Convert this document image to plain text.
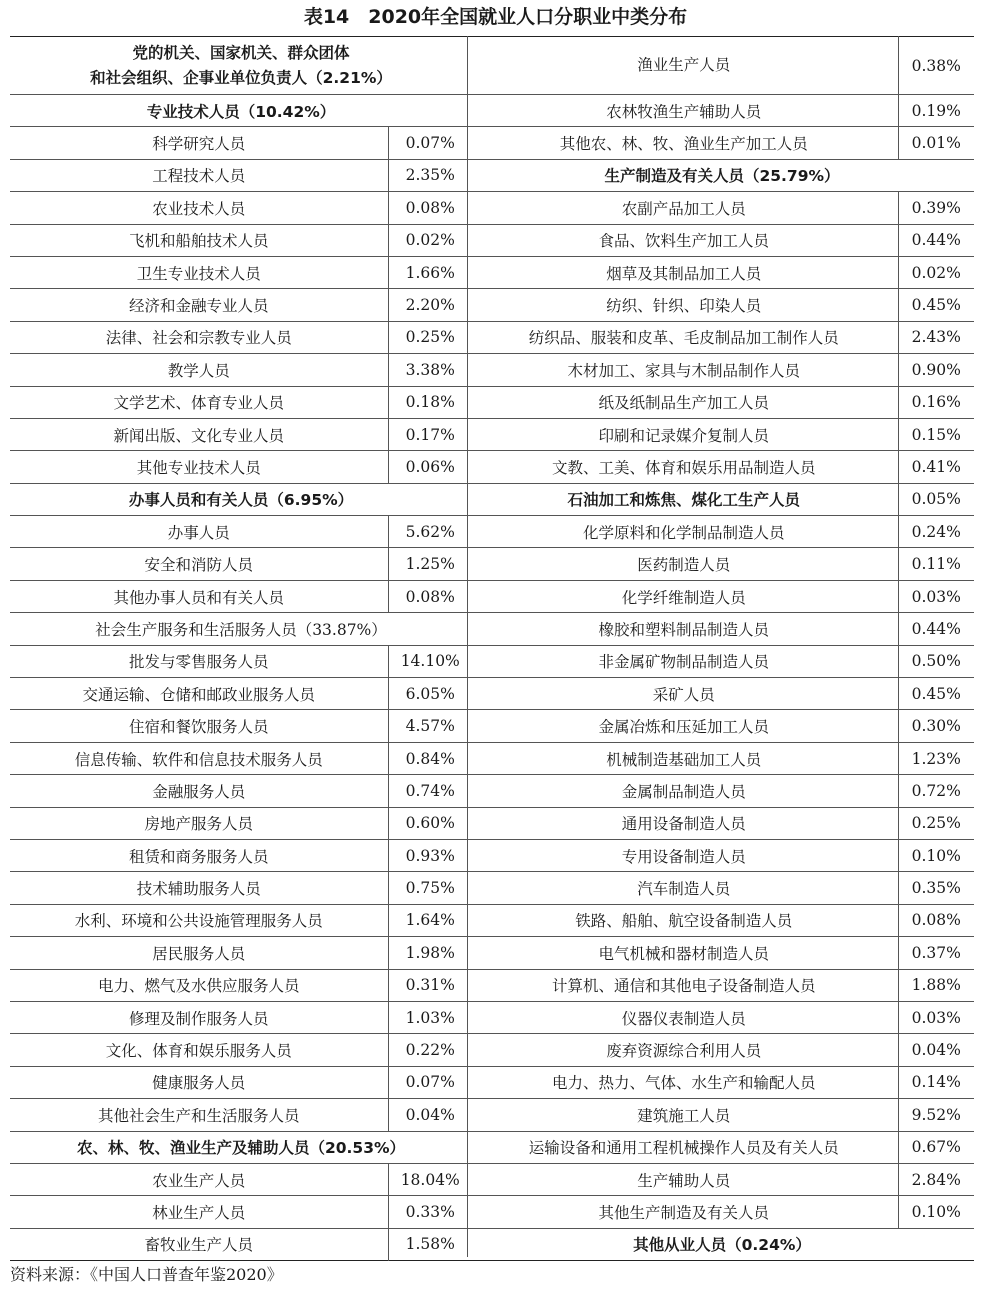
表14　2020年全国就业人口分职业中类分布
党的机关、国家机关、群众团体
和社会组织、企事业单位负责人（2.21%）	
专业技术人员（10.42%）	
科学研究人员	0.07%
工程技术人员	2.35%
农业技术人员	0.08%
飞机和船舶技术人员	0.02%
卫生专业技术人员	1.66%
经济和金融专业人员	2.20%
法律、社会和宗教专业人员	0.25%
教学人员	3.38%
文学艺术、体育专业人员	0.18%
新闻出版、文化专业人员	0.17%
其他专业技术人员	0.06%
办事人员和有关人员（6.95%）	
办事人员	5.62%
安全和消防人员	1.25%
其他办事人员和有关人员	0.08%
社会生产服务和生活服务人员（33.87%）	
批发与零售服务人员	14.10%
交通运输、仓储和邮政业服务人员	6.05%
住宿和餐饮服务人员	4.57%
信息传输、软件和信息技术服务人员	0.84%
金融服务人员	0.74%
房地产服务人员	0.60%
租赁和商务服务人员	0.93%
技术辅助服务人员	0.75%
水利、环境和公共设施管理服务人员	1.64%
居民服务人员	1.98%
电力、燃气及水供应服务人员	0.31%
修理及制作服务人员	1.03%
文化、体育和娱乐服务人员	0.22%
健康服务人员	0.07%
其他社会生产和生活服务人员	0.04%
农、林、牧、渔业生产及辅助人员（20.53%）	
农业生产人员	18.04%
林业生产人员	0.33%
畜牧业生产人员	1.58%
渔业生产人员	0.38%
农林牧渔生产辅助人员	0.19%
其他农、林、牧、渔业生产加工人员	0.01%
生产制造及有关人员（25.79%）	
农副产品加工人员	0.39%
食品、饮料生产加工人员	0.44%
烟草及其制品加工人员	0.02%
纺织、针织、印染人员	0.45%
纺织品、服装和皮革、毛皮制品加工制作人员	2.43%
木材加工、家具与木制品制作人员	0.90%
纸及纸制品生产加工人员	0.16%
印刷和记录媒介复制人员	0.15%
文教、工美、体育和娱乐用品制造人员	0.41%
石油加工和炼焦、煤化工生产人员	0.05%
化学原料和化学制品制造人员	0.24%
医药制造人员	0.11%
化学纤维制造人员	0.03%
橡胶和塑料制品制造人员	0.44%
非金属矿物制品制造人员	0.50%
采矿人员	0.45%
金属冶炼和压延加工人员	0.30%
机械制造基础加工人员	1.23%
金属制品制造人员	0.72%
通用设备制造人员	0.25%
专用设备制造人员	0.10%
汽车制造人员	0.35%
铁路、船舶、航空设备制造人员	0.08%
电气机械和器材制造人员	0.37%
计算机、通信和其他电子设备制造人员	1.88%
仪器仪表制造人员	0.03%
废弃资源综合利用人员	0.04%
电力、热力、气体、水生产和输配人员	0.14%
建筑施工人员	9.52%
运输设备和通用工程机械操作人员及有关人员	0.67%
生产辅助人员	2.84%
其他生产制造及有关人员	0.10%
其他从业人员（0.24%）	
资料来源：《中国人口普查年鉴2020》
